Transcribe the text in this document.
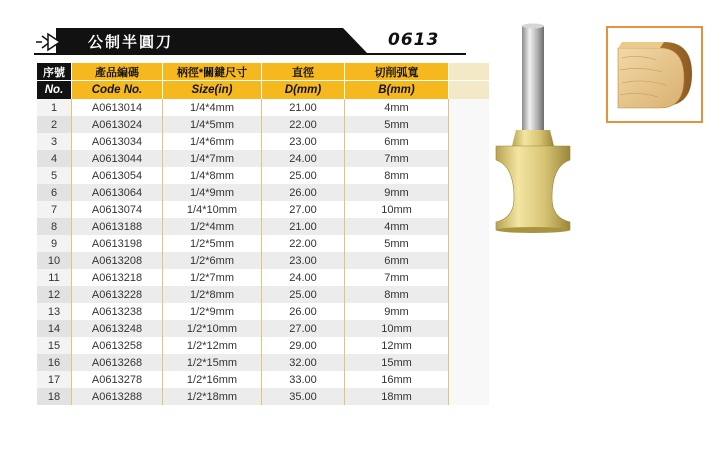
公制半圓刀	0613
序號	產品編碼	柄徑*關鍵尺寸	直徑	切削弧寬	
No.	Code No.	Size(in)	D(mm)	B(mm)	
1	A0613014	1/4*4mm	21.00	4mm	
2	A0613024	1/4*5mm	22.00	5mm	
3	A0613034	1/4*6mm	23.00	6mm	
4	A0613044	1/4*7mm	24.00	7mm	
5	A0613054	1/4*8mm	25.00	8mm	
6	A0613064	1/4*9mm	26.00	9mm	
7	A0613074	1/4*10mm	27.00	10mm	
8	A0613188	1/2*4mm	21.00	4mm	
9	A0613198	1/2*5mm	22.00	5mm	
10	A0613208	1/2*6mm	23.00	6mm	
11	A0613218	1/2*7mm	24.00	7mm	
12	A0613228	1/2*8mm	25.00	8mm	
13	A0613238	1/2*9mm	26.00	9mm	
14	A0613248	1/2*10mm	27.00	10mm	
15	A0613258	1/2*12mm	29.00	12mm	
16	A0613268	1/2*15mm	32.00	15mm	
17	A0613278	1/2*16mm	33.00	16mm	
18	A0613288	1/2*18mm	35.00	18mm	
